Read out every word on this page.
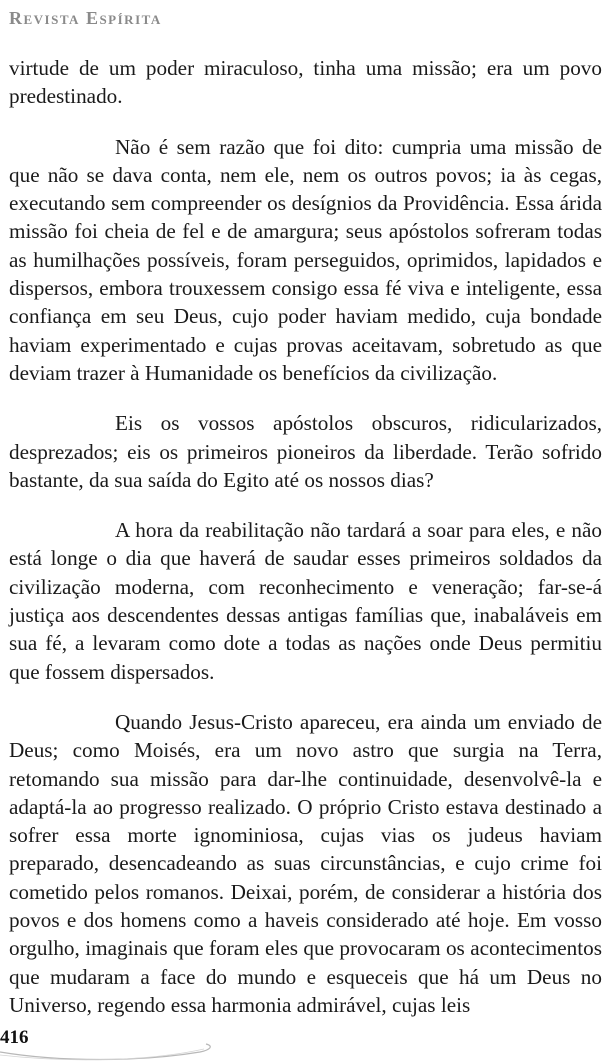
Revista Espírita

virtude de um poder miraculoso, tinha uma missão; era um povo predestinado.

Não é sem razão que foi dito: cumpria uma missão de que não se dava conta, nem ele, nem os outros povos; ia às cegas, executando sem compreender os desígnios da Providência. Essa árida missão foi cheia de fel e de amargura; seus apóstolos sofreram todas as humilhações possíveis, foram perseguidos, oprimidos, lapidados e dispersos, embora trouxessem consigo essa fé viva e inteligente, essa confiança em seu Deus, cujo poder haviam medido, cuja bondade haviam experimentado e cujas provas aceitavam, sobretudo as que deviam trazer à Humanidade os benefícios da civilização.

Eis os vossos apóstolos obscuros, ridicularizados, desprezados; eis os primeiros pioneiros da liberdade. Terão sofrido bastante, da sua saída do Egito até os nossos dias?

A hora da reabilitação não tardará a soar para eles, e não está longe o dia que haverá de saudar esses primeiros soldados da civilização moderna, com reconhecimento e veneração; far-se-á justiça aos descendentes dessas antigas famílias que, inabaláveis em sua fé, a levaram como dote a todas as nações onde Deus permitiu que fossem dispersados.

Quando Jesus-Cristo apareceu, era ainda um enviado de Deus; como Moisés, era um novo astro que surgia na Terra, retomando sua missão para dar-lhe continuidade, desenvolvê-la e adaptá-la ao progresso realizado. O próprio Cristo estava destinado a sofrer essa morte ignominiosa, cujas vias os judeus haviam preparado, desencadeando as suas circunstâncias, e cujo crime foi cometido pelos romanos. Deixai, porém, de considerar a história dos povos e dos homens como a haveis considerado até hoje. Em vosso orgulho, imaginais que foram eles que provocaram os acontecimentos que mudaram a face do mundo e esqueceis que há um Deus no Universo, regendo essa harmonia admirável, cujas leis

416
